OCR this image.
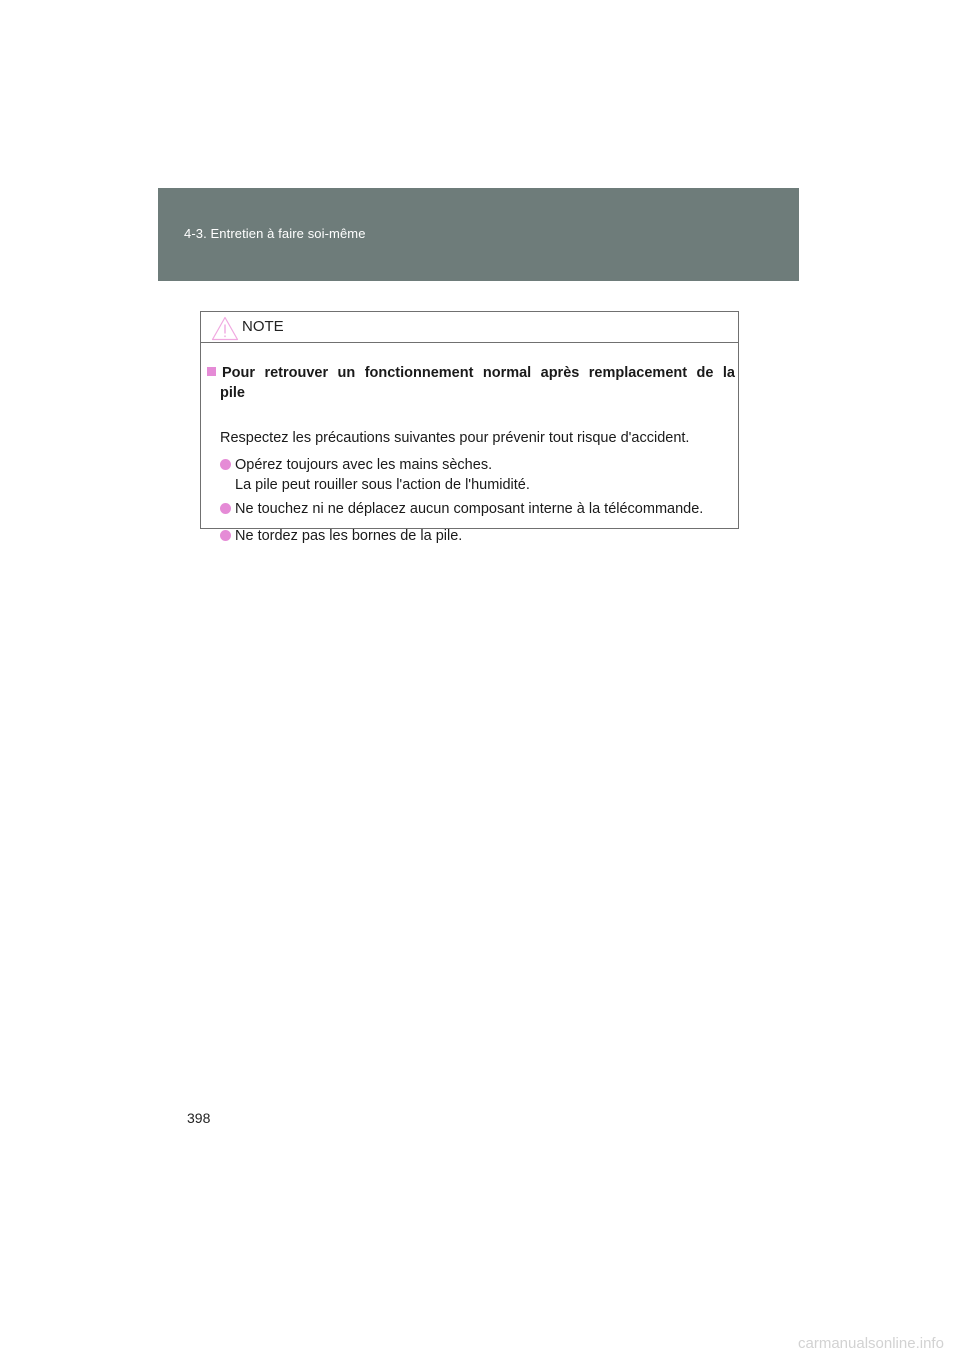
4-3. Entretien à faire soi-même
NOTE
Pour retrouver un fonctionnement normal après remplacement de la
pile
Respectez les précautions suivantes pour prévenir tout risque d'accident.
Opérez toujours avec les mains sèches.
La pile peut rouiller sous l'action de l'humidité.
Ne touchez ni ne déplacez aucun composant interne à la télécommande.
Ne tordez pas les bornes de la pile.
398
carmanualsonline.info
